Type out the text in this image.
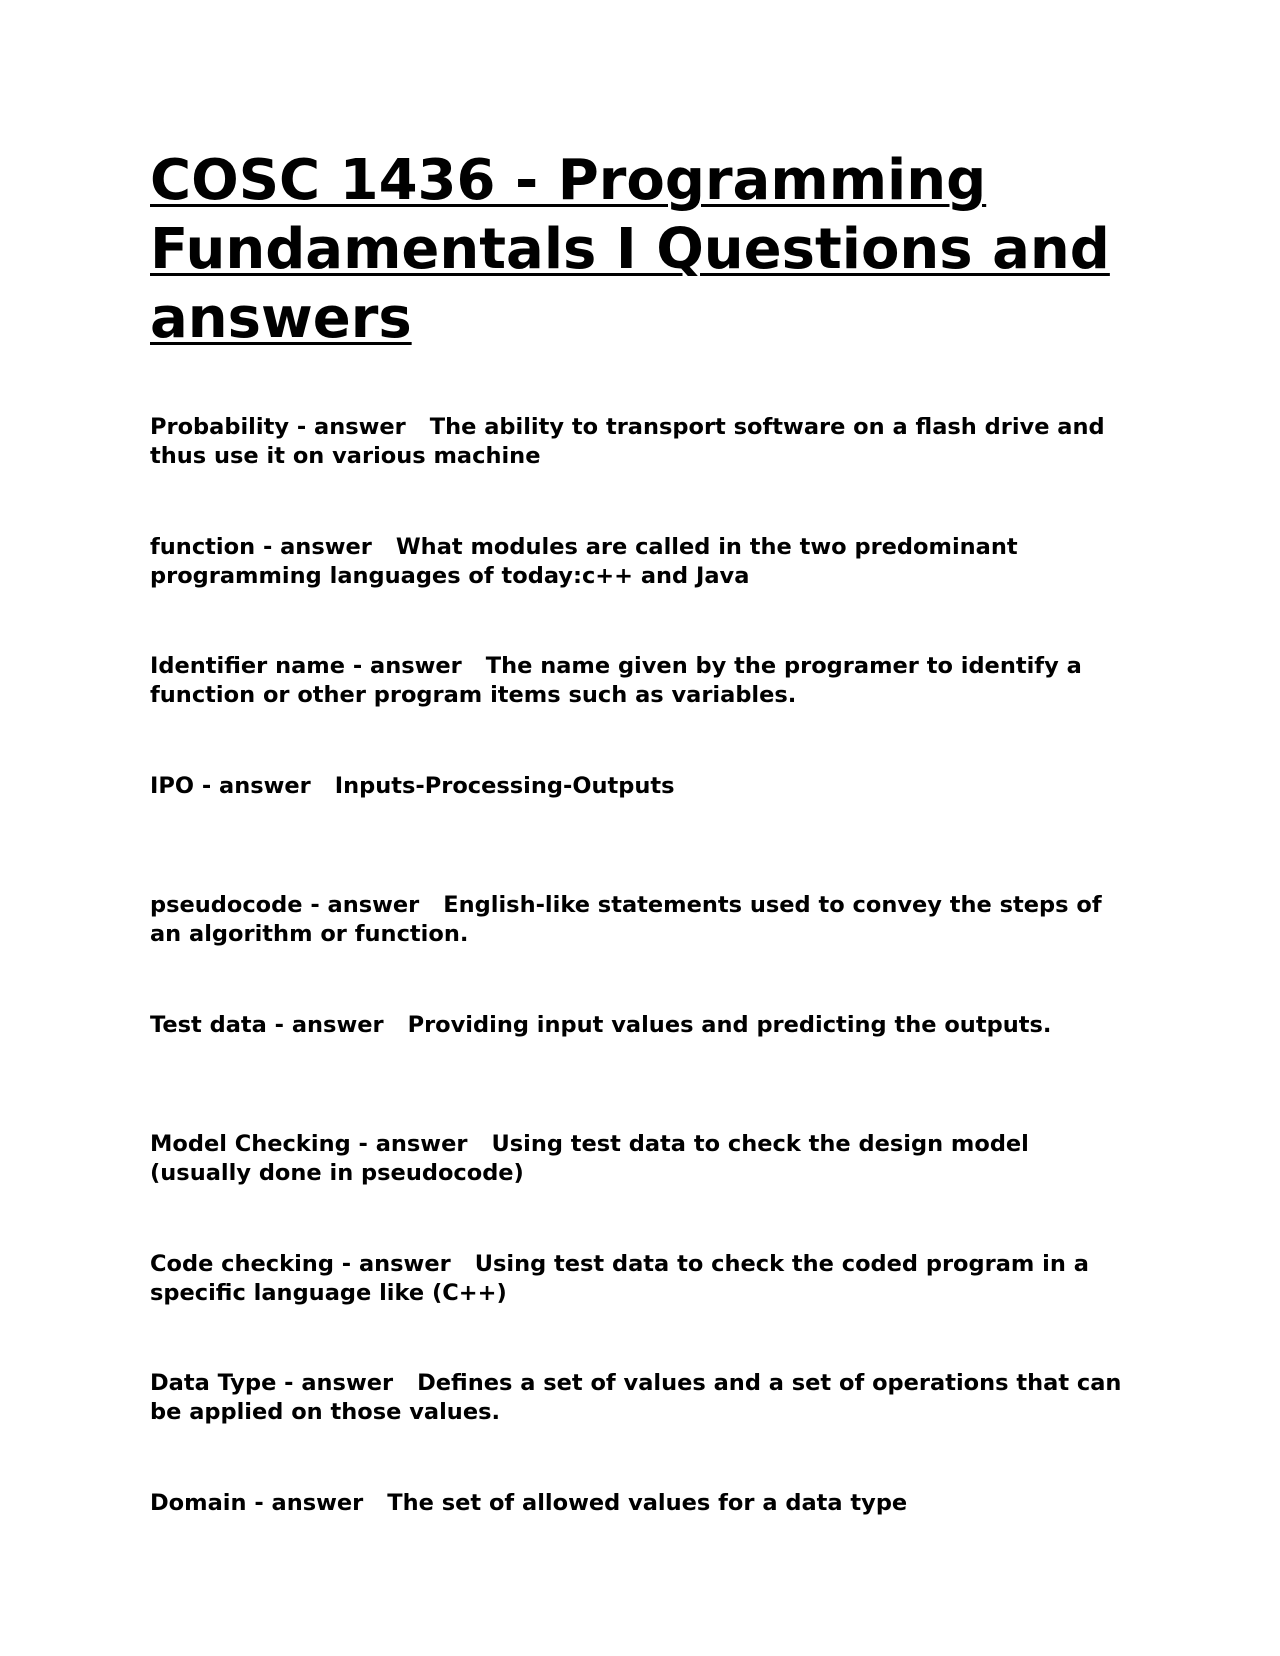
COSC 1436 - Programming
Fundamentals I Questions and
answers
Probability - answer The ability to transport software on a flash drive and thus use it on various machine
function - answer What modules are called in the two predominant programming languages of today:c++ and Java
Identifier name - answer The name given by the programer to identify a function or other program items such as variables.
IPO - answer Inputs-Processing-Outputs
pseudocode - answer English-like statements used to convey the steps of an algorithm or function.
Test data - answer Providing input values and predicting the outputs.
Model Checking - answer Using test data to check the design model (usually done in pseudocode)
Code checking - answer Using test data to check the coded program in a specific language like (C++)
Data Type - answer Defines a set of values and a set of operations that can be applied on those values.
Domain - answer The set of allowed values for a data type
